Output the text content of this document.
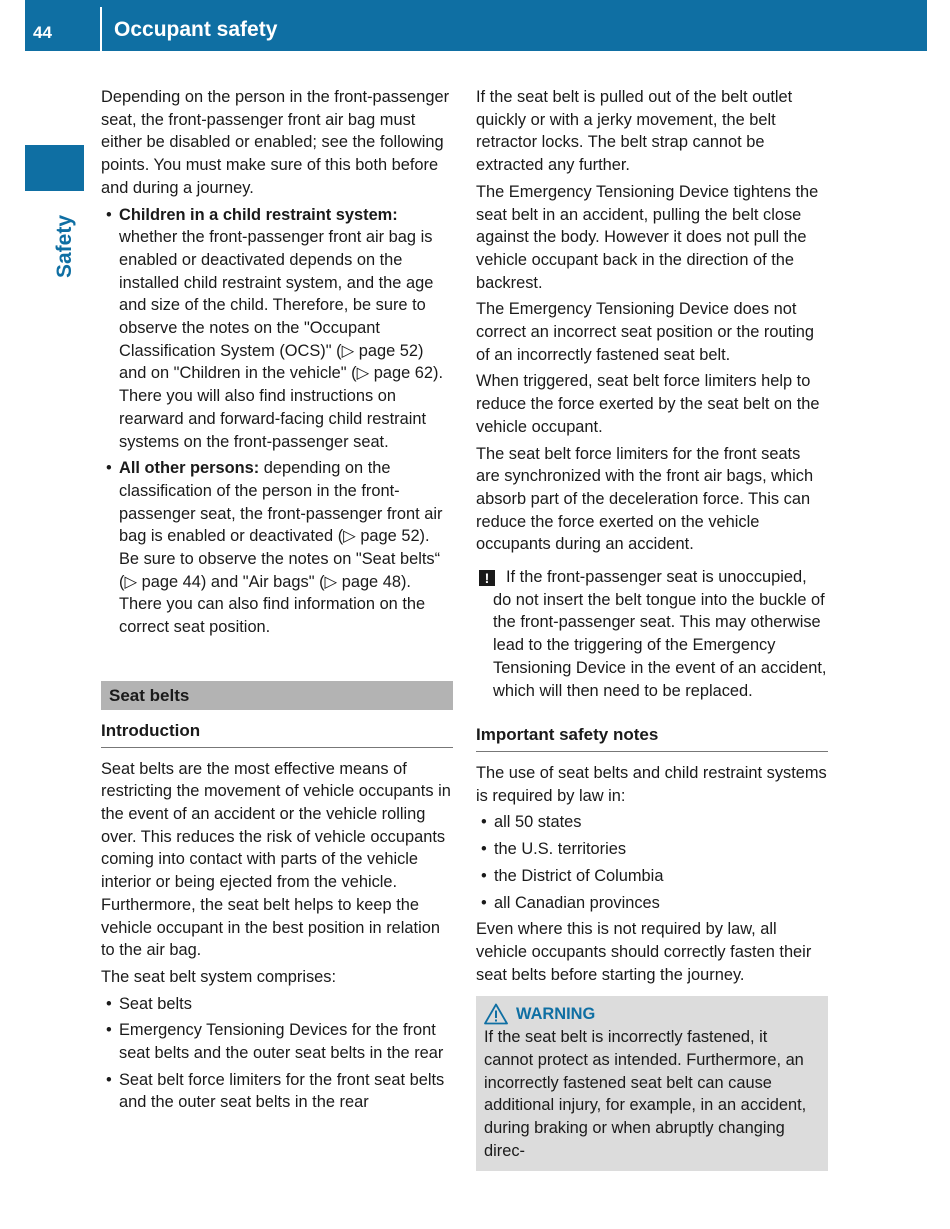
44	Occupant safety
Safety

Depending on the person in the front-passenger seat, the front-passenger front air bag must either be disabled or enabled; see the following points. You must make sure of this both before and during a journey.

• Children in a child restraint system: whether the front-passenger front air bag is enabled or deactivated depends on the installed child restraint system, and the age and size of the child. Therefore, be sure to observe the notes on the "Occupant Classification System (OCS)" (▷ page 52) and on "Children in the vehicle" (▷ page 62). There you will also find instructions on rearward and forward-facing child restraint systems on the front-passenger seat.
• All other persons: depending on the classification of the person in the front-passenger seat, the front-passenger front air bag is enabled or deactivated (▷ page 52). Be sure to observe the notes on "Seat belts“ (▷ page 44) and "Air bags" (▷ page 48). There you can also find information on the correct seat position.
Seat belts
Introduction

Seat belts are the most effective means of restricting the movement of vehicle occupants in the event of an accident or the vehicle rolling over. This reduces the risk of vehicle occupants coming into contact with parts of the vehicle interior or being ejected from the vehicle. Furthermore, the seat belt helps to keep the vehicle occupant in the best position in relation to the air bag.

The seat belt system comprises:

• Seat belts
• Emergency Tensioning Devices for the front seat belts and the outer seat belts in the rear
• Seat belt force limiters for the front seat belts and the outer seat belts in the rear

If the seat belt is pulled out of the belt outlet quickly or with a jerky movement, the belt retractor locks. The belt strap cannot be extracted any further.

The Emergency Tensioning Device tightens the seat belt in an accident, pulling the belt close against the body. However it does not pull the vehicle occupant back in the direction of the backrest.

The Emergency Tensioning Device does not correct an incorrect seat position or the routing of an incorrectly fastened seat belt.

When triggered, seat belt force limiters help to reduce the force exerted by the seat belt on the vehicle occupant.

The seat belt force limiters for the front seats are synchronized with the front air bags, which absorb part of the deceleration force. This can reduce the force exerted on the vehicle occupants during an accident.

!	If the front-passenger seat is unoccupied, do not insert the belt tongue into the buckle of the front-passenger seat. This may otherwise lead to the triggering of the Emergency Tensioning Device in the event of an accident, which will then need to be replaced.
Important safety notes

The use of seat belts and child restraint systems is required by law in:

• all 50 states
• the U.S. territories
• the District of Columbia
• all Canadian provinces

Even where this is not required by law, all vehicle occupants should correctly fasten their seat belts before starting the journey.

WARNING

If the seat belt is incorrectly fastened, it cannot protect as intended. Furthermore, an incorrectly fastened seat belt can cause additional injury, for example, in an accident, during braking or when abruptly changing direc-
